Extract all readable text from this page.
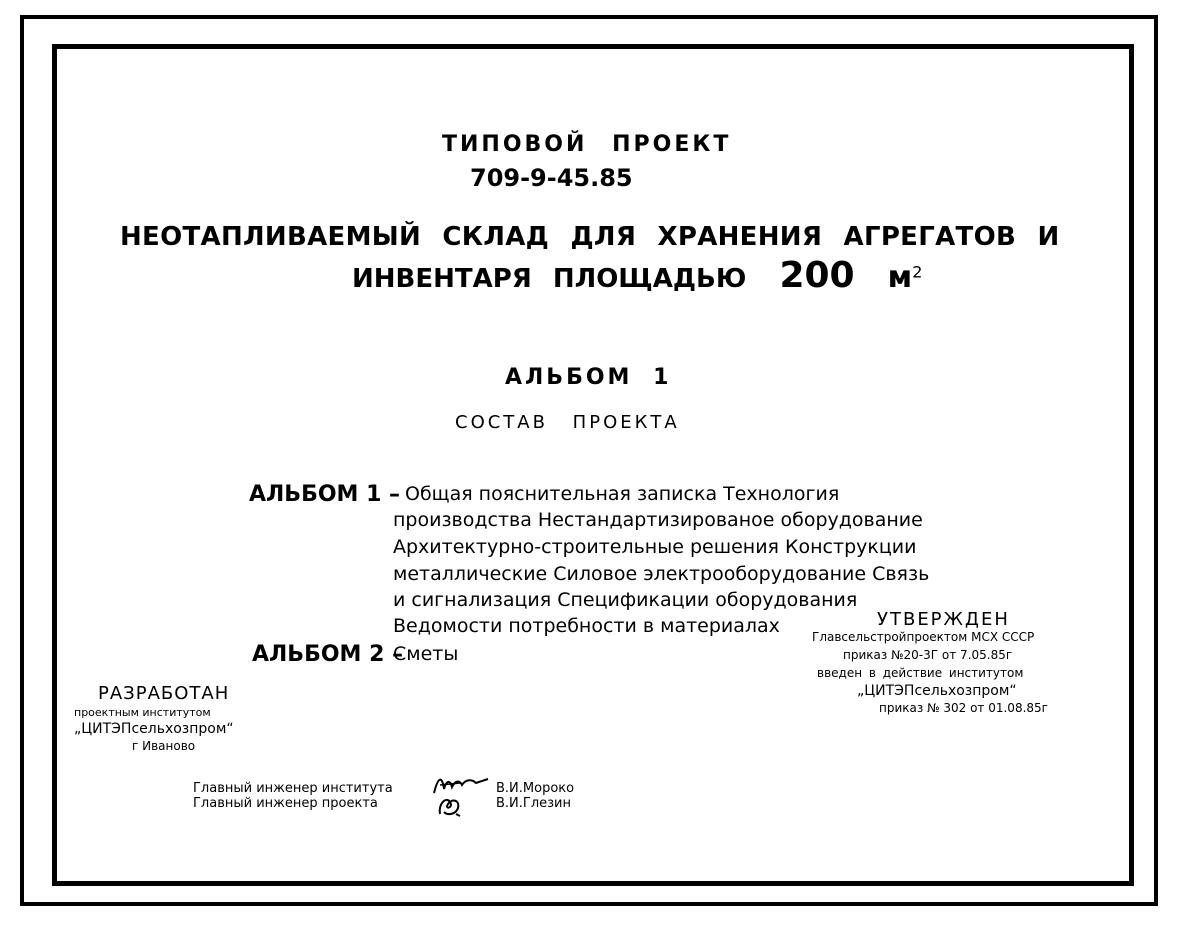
ТИПОВОЙ ПРОЕКТ
709-9-45.85
НЕОТАПЛИВАЕМЫЙ СКЛАД ДЛЯ ХРАНЕНИЯ АГРЕГАТОВ И
ИНВЕНТАРЯ ПЛОЩАДЬЮ 200 $м^2$
АЛЬБОМ 1
СОСТАВ ПРОЕКТА
АЛЬБОМ 1 – Общая пояснительная записка Технология
производства Нестандартизированое оборудование
Архитектурно-строительные решения Конструкции
металлические Силовое электрооборудование Связь
и сигнализация Спецификации оборудования
Ведомости потребности в материалах
АЛЬБОМ 2 –
Сметы
УТВЕРЖДЕН
Главсельстройпроектом МСХ СССР
приказ №20-3Г от 7.05.85г
введен в действие институтом
„ЦИТЭПсельхозпром“
приказ № 302 от 01.08.85г
РАЗРАБОТАН
проектным институтом
„ЦИТЭПсельхозпром“
г Иваново
Главный инженер института
Главный инженер проекта
В.И.Мороко
В.И.Глезин
